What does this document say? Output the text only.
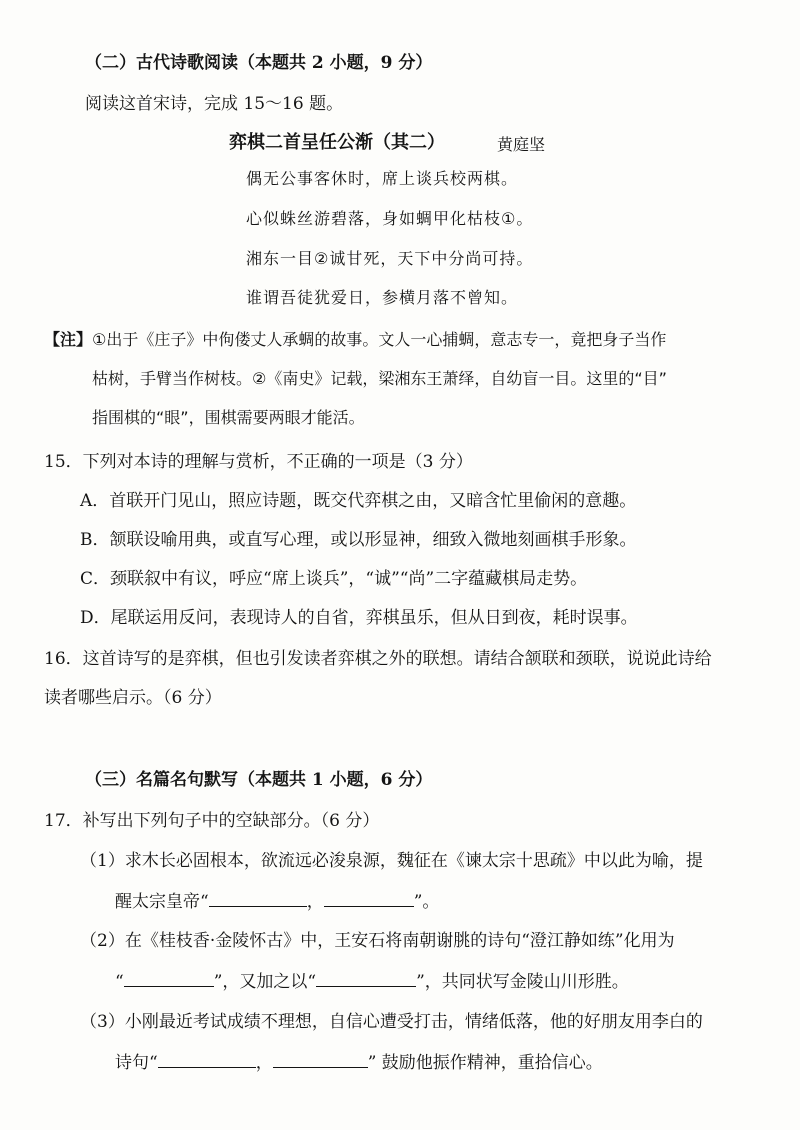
（二）古代诗歌阅读（本题共 2 小题，9 分）
阅读这首宋诗，完成 15～16 题。
弈棋二首呈任公渐（其二）	黄庭坚
偶无公事客休时，席上谈兵校两棋。
心似蛛丝游碧落，身如蜩甲化枯枝①。
湘东一目②诚甘死，天下中分尚可持。
谁谓吾徒犹爱日，参横月落不曾知。
【注】 ①出于《庄子》中佝偻丈人承蜩的故事。文人一心捕蜩，意志专一，竟把身子当作
枯树，手臂当作树枝。②《南史》记载，梁湘东王萧绎，自幼盲一目。这里的“目”
指围棋的“眼”，围棋需要两眼才能活。
15．下列对本诗的理解与赏析，不正确的一项是（3 分）
A．首联开门见山，照应诗题，既交代弈棋之由，又暗含忙里偷闲的意趣。
B．颔联设喻用典，或直写心理，或以形显神，细致入微地刻画棋手形象。
C．颈联叙中有议，呼应“席上谈兵”，“诚”“尚”二字蕴藏棋局走势。
D．尾联运用反问，表现诗人的自省，弈棋虽乐，但从日到夜，耗时误事。
16．这首诗写的是弈棋，但也引发读者弈棋之外的联想。请结合颔联和颈联，说说此诗给
读者哪些启示。（6 分）
（三）名篇名句默写（本题共 1 小题，6 分）
17．补写出下列句子中的空缺部分。（6 分）
（1）求木长必固根本，欲流远必浚泉源，魏征在《谏太宗十思疏》中以此为喻，提
醒太宗皇帝“	，	”。
（2）在《桂枝香·金陵怀古》中，王安石将南朝谢朓的诗句“澄江静如练”化用为
“	”，又加之以“	”，共同状写金陵山川形胜。
（3）小刚最近考试成绩不理想，自信心遭受打击，情绪低落，他的好朋友用李白的
诗句“	，	” 鼓励他振作精神，重拾信心。
